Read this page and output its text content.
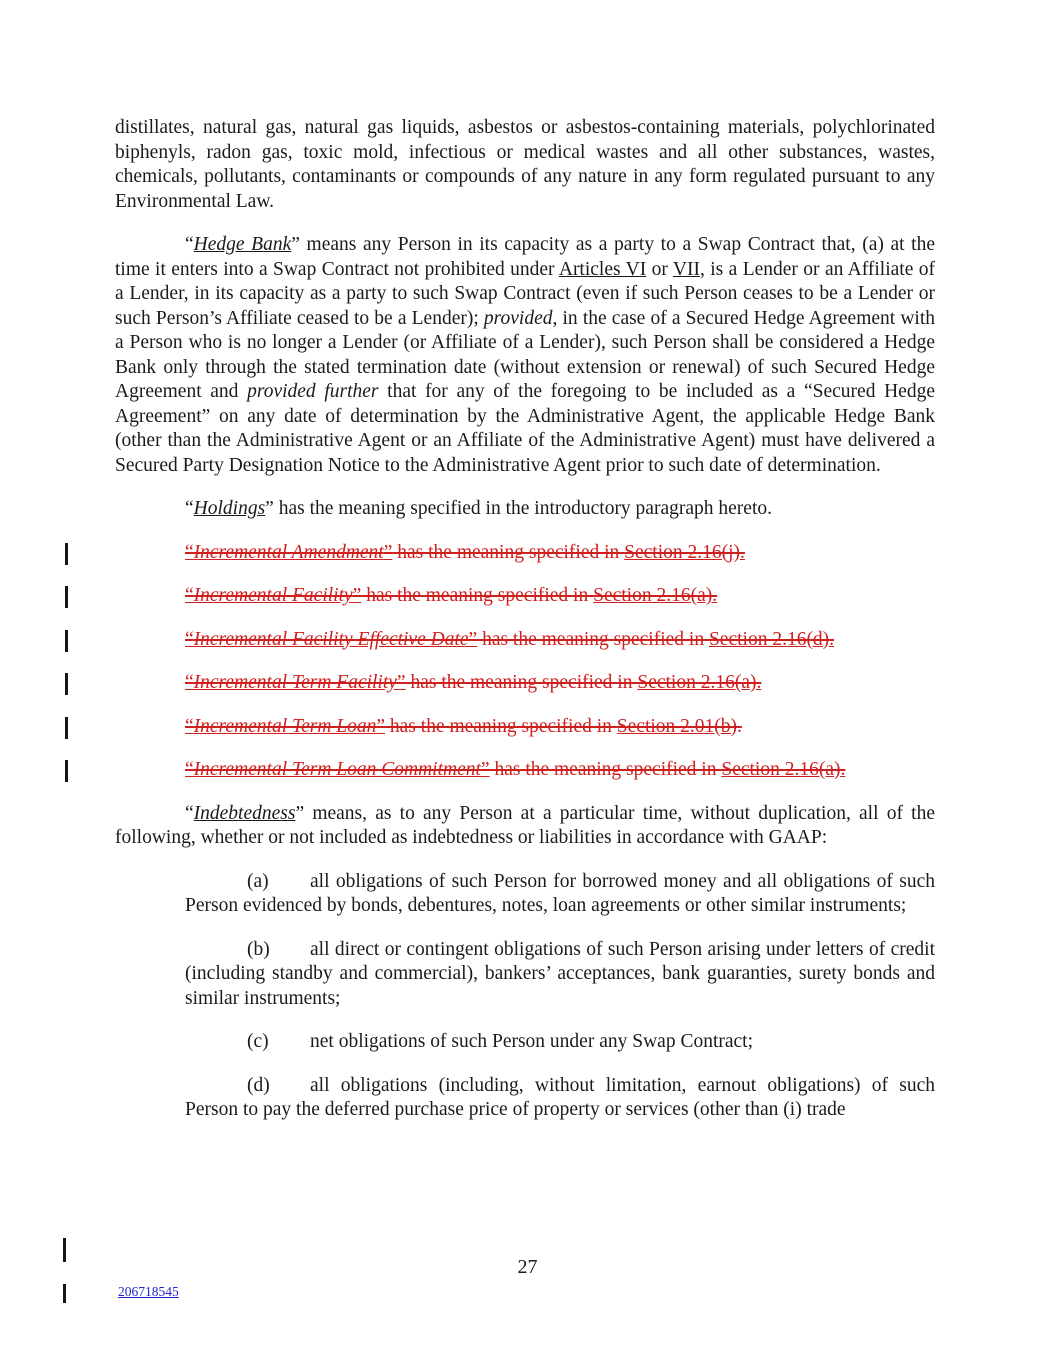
distillates, natural gas, natural gas liquids, asbestos or asbestos-containing materials, polychlorinated biphenyls, radon gas, toxic mold, infectious or medical wastes and all other substances, wastes, chemicals, pollutants, contaminants or compounds of any nature in any form regulated pursuant to any Environmental Law.
“Hedge Bank” means any Person in its capacity as a party to a Swap Contract that, (a) at the time it enters into a Swap Contract not prohibited under Articles VI or VII, is a Lender or an Affiliate of a Lender, in its capacity as a party to such Swap Contract (even if such Person ceases to be a Lender or such Person’s Affiliate ceased to be a Lender); provided, in the case of a Secured Hedge Agreement with a Person who is no longer a Lender (or Affiliate of a Lender), such Person shall be considered a Hedge Bank only through the stated termination date (without extension or renewal) of such Secured Hedge Agreement and provided further that for any of the foregoing to be included as a “Secured Hedge Agreement” on any date of determination by the Administrative Agent, the applicable Hedge Bank (other than the Administrative Agent or an Affiliate of the Administrative Agent) must have delivered a Secured Party Designation Notice to the Administrative Agent prior to such date of determination.
“Holdings” has the meaning specified in the introductory paragraph hereto.
“Incremental Amendment” has the meaning specified in Section 2.16(j).
“Incremental Facility” has the meaning specified in Section 2.16(a).
“Incremental Facility Effective Date” has the meaning specified in Section 2.16(d).
“Incremental Term Facility” has the meaning specified in Section 2.16(a).
“Incremental Term Loan” has the meaning specified in Section 2.01(b).
“Incremental Term Loan Commitment” has the meaning specified in Section 2.16(a).
“Indebtedness” means, as to any Person at a particular time, without duplication, all of the following, whether or not included as indebtedness or liabilities in accordance with GAAP:
(a) all obligations of such Person for borrowed money and all obligations of such Person evidenced by bonds, debentures, notes, loan agreements or other similar instruments;
(b) all direct or contingent obligations of such Person arising under letters of credit (including standby and commercial), bankers’ acceptances, bank guaranties, surety bonds and similar instruments;
(c) net obligations of such Person under any Swap Contract;
(d) all obligations (including, without limitation, earnout obligations) of such Person to pay the deferred purchase price of property or services (other than (i) trade
27
206718545
